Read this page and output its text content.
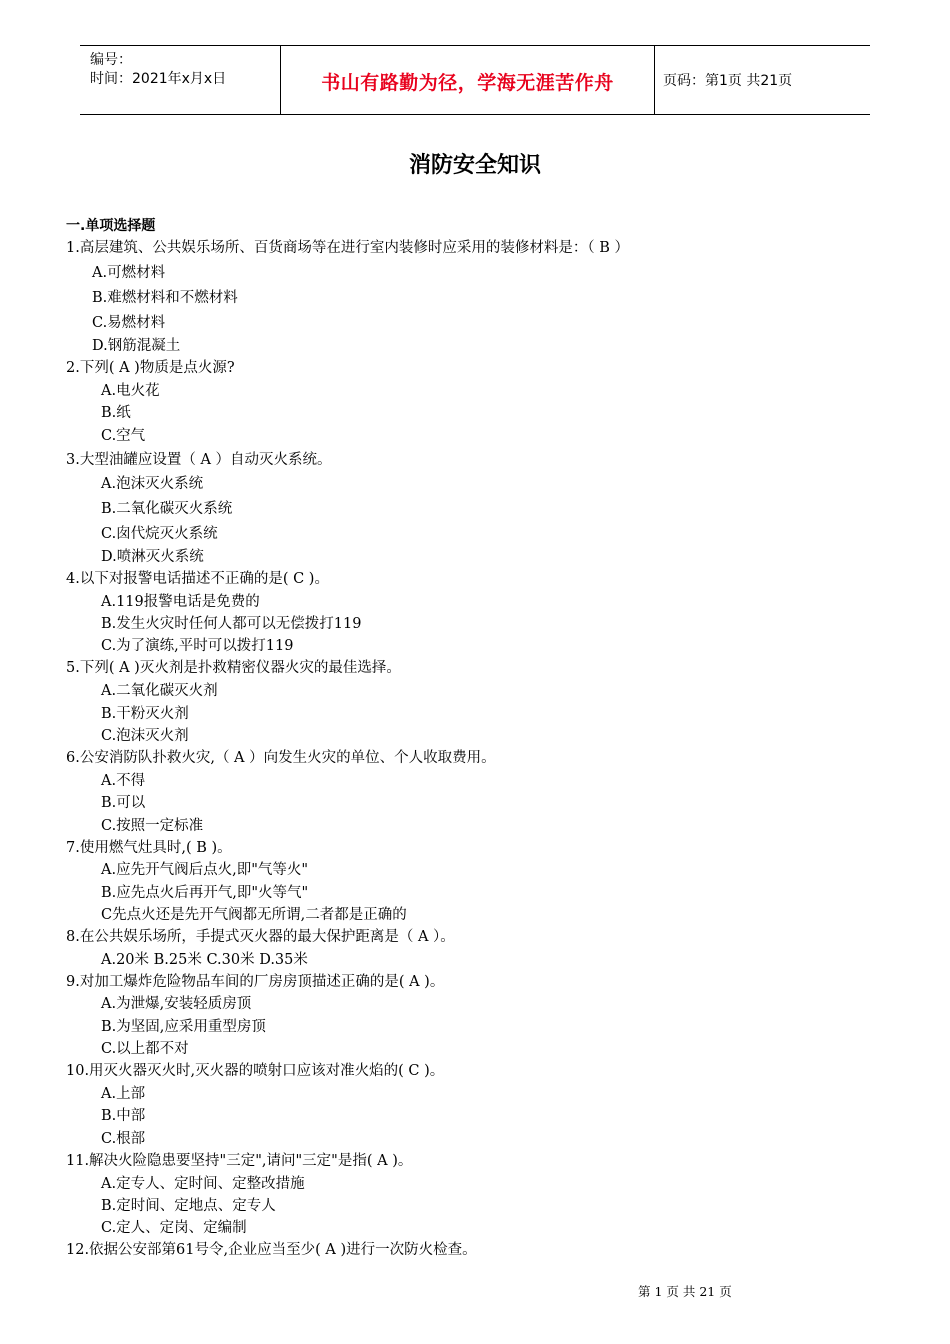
编号：
时间：2021年x月x日	书山有路勤为径，学海无涯苦作舟	页码：第1页 共21页
消防安全知识
一.单项选择题
1.高层建筑、公共娱乐场所、百货商场等在进行室内装修时应采用的装修材料是：（ B ）
A.可燃材料
B.难燃材料和不燃材料
C.易燃材料
D.钢筋混凝土
2.下列( A )物质是点火源?
A.电火花
B.纸
C.空气
3.大型油罐应设置（ A ）自动灭火系统。
A.泡沫灭火系统
B.二氧化碳灭火系统
C.囱代烷灭火系统
D.喷淋灭火系统
4.以下对报警电话描述不正确的是( C )。
A.119报警电话是免费的
B.发生火灾时任何人都可以无偿拨打119
C.为了演练,平时可以拨打119
5.下列( A )灭火剂是扑救精密仪器火灾的最佳选择。
A.二氧化碳灭火剂
B.干粉灭火剂
C.泡沫灭火剂
6.公安消防队扑救火灾,（ A ）向发生火灾的单位、个人收取费用。
A.不得
B.可以
C.按照一定标准
7.使用燃气灶具时,( B )。
A.应先开气阀后点火,即"气等火"
B.应先点火后再开气,即"火等气"
C先点火还是先开气阀都无所谓,二者都是正确的
8.在公共娱乐场所，手提式灭火器的最大保护距离是（ A ）。
A.20米 B.25米 C.30米 D.35米
9.对加工爆炸危险物品车间的厂房房顶描述正确的是( A )。
A.为泄爆,安装轻质房顶
B.为坚固,应采用重型房顶
C.以上都不对
10.用灭火器灭火时,灭火器的喷射口应该对准火焰的( C )。
A.上部
B.中部
C.根部
11.解决火险隐患要坚持"三定",请问"三定"是指( A )。
A.定专人、定时间、定整改措施
B.定时间、定地点、定专人
C.定人、定岗、定编制
12.依据公安部第61号令,企业应当至少( A )进行一次防火检查。
第 1 页 共 21 页
